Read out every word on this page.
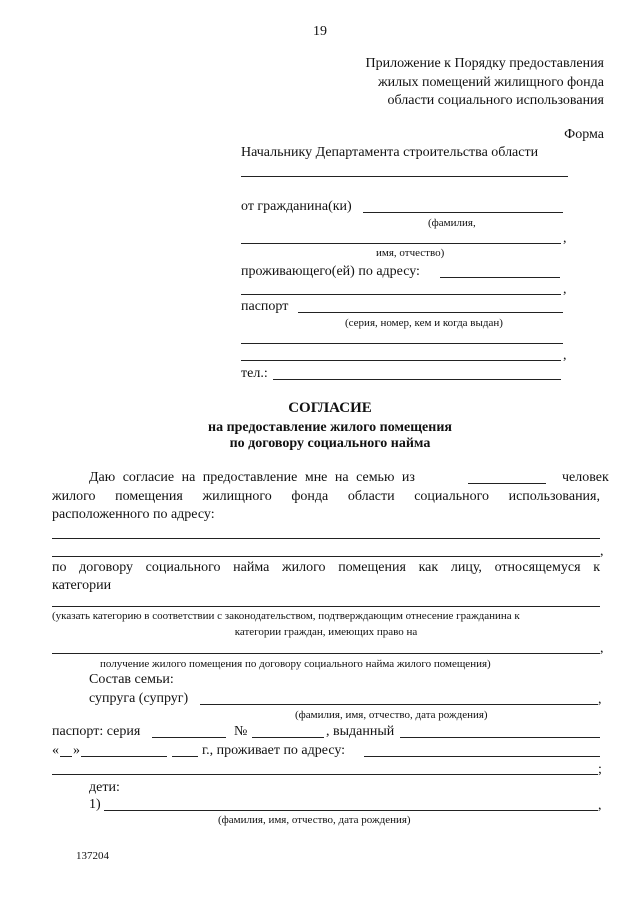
19
Приложение к Порядку предоставления
жилых помещений жилищного фонда
области социального использования
Форма
Начальнику Департамента строительства области
от гражданина(ки)
(фамилия,
,
имя, отчество)
проживающего(ей) по адресу:
,
паспорт
(серия, номер, кем и когда выдан)
,
тел.:
СОГЛАСИЕ
на предоставление жилого помещения
по договору социального найма
Даю согласие на предоставление мне на семью из	человек
жилого помещения жилищного фонда области социального использования,
расположенного по адресу:
,
по договору социального найма жилого помещения как лицу, относящемуся к
категории
(указать категорию в соответствии с законодательством, подтверждающим отнесение гражданина к
категории граждан, имеющих право на
,
получение жилого помещения по договору социального найма жилого помещения)
Состав семьи:
супруга (супруг)	,
(фамилия, имя, отчество, дата рождения)
паспорт: серия	№	, выданный
« »	г., проживает по адресу:
;
дети:
1)	,
(фамилия, имя, отчество, дата рождения)
137204
